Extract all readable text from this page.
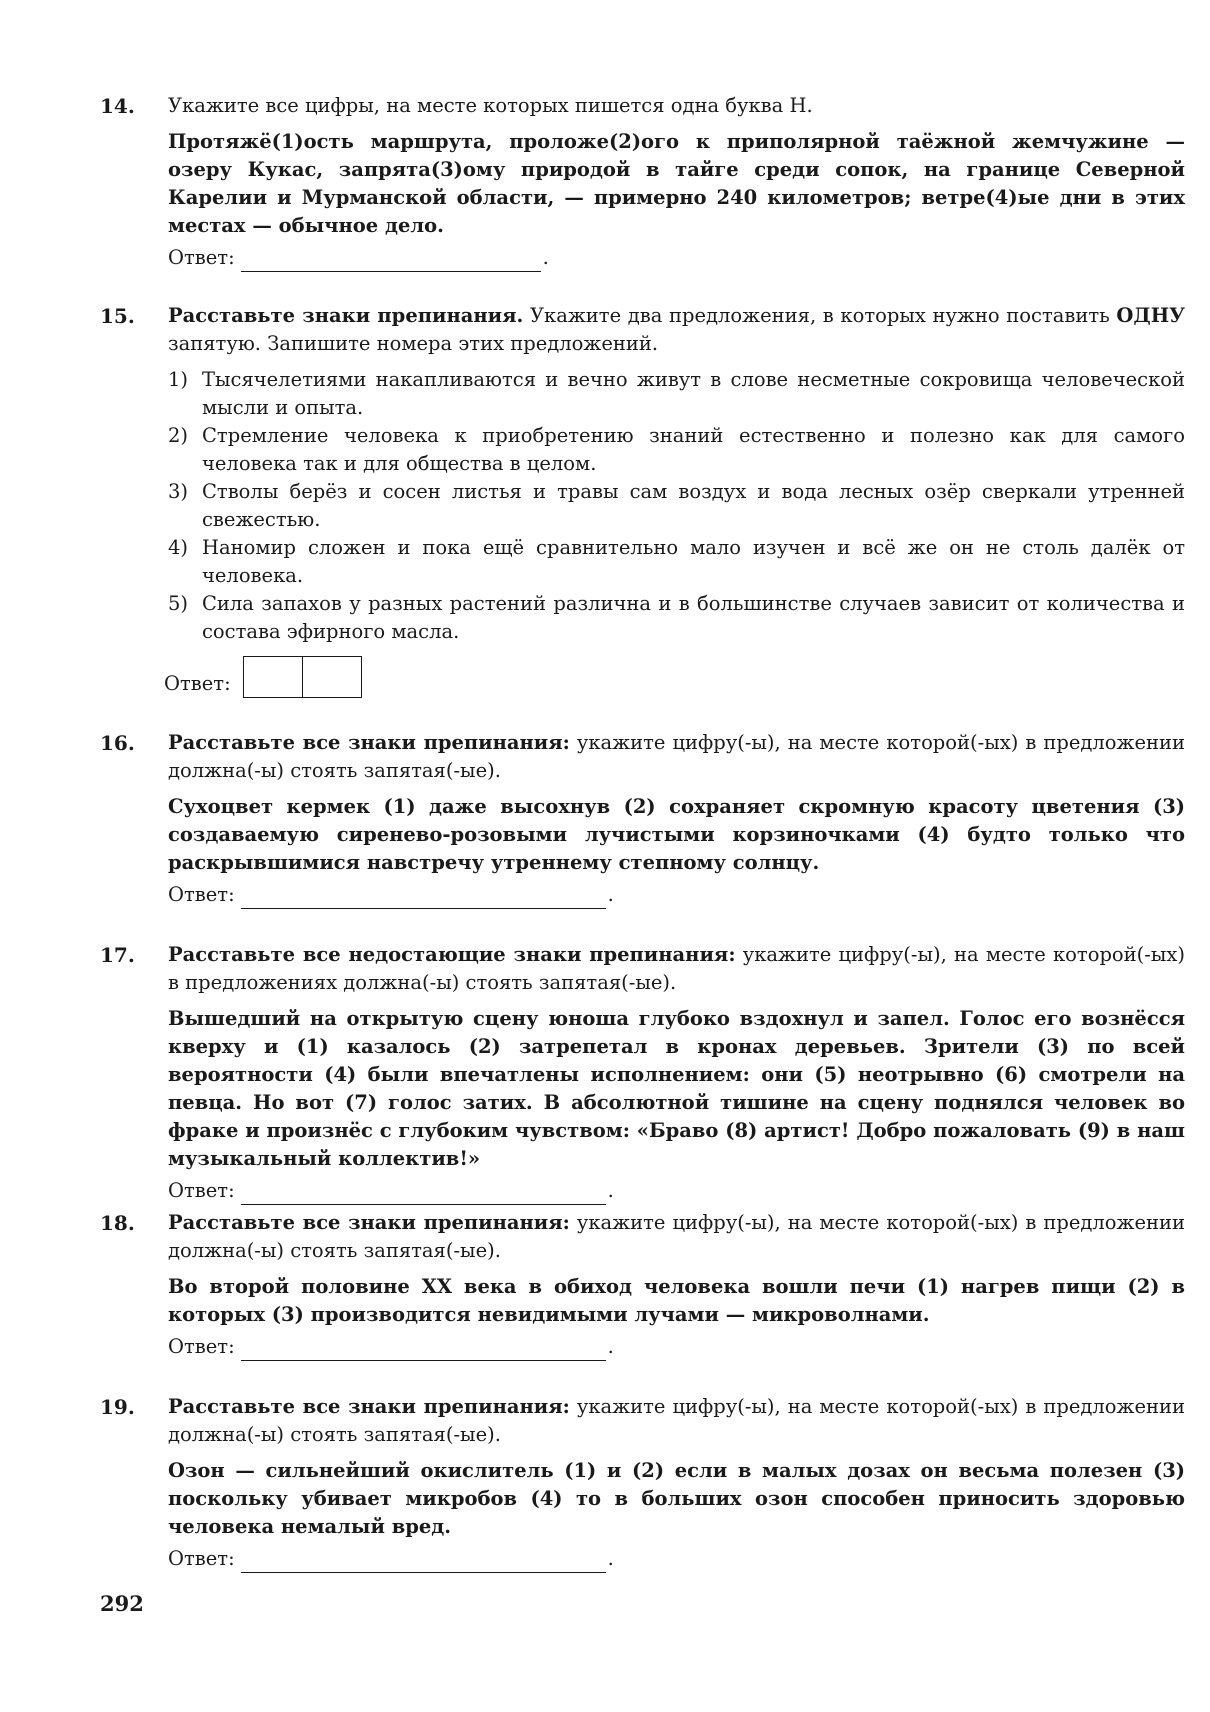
14. Укажите все цифры, на месте которых пишется одна буква Н.

Протяжё(1)ость маршрута, проложе(2)ого к приполярной таёжной жемчужине — озеру Кукас, запрята(3)ому природой в тайге среди сопок, на границе Северной Карелии и Мурманской области, — примерно 240 километров; ветре(4)ые дни в этих местах — обычное дело.

Ответ:	.
15. Расставьте знаки препинания. Укажите два предложения, в которых нужно поставить ОДНУ запятую. Запишите номера этих предложений.

1) Тысячелетиями накапливаются и вечно живут в слове несметные сокровища человеческой мысли и опыта.
2) Стремление человека к приобретению знаний естественно и полезно как для самого человека так и для общества в целом.
3) Стволы берёз и сосен листья и травы сам воздух и вода лесных озёр сверкали утренней свежестью.
4) Наномир сложен и пока ещё сравнительно мало изучен и всё же он не столь далёк от человека.
5) Сила запахов у разных растений различна и в большинстве случаев зависит от количества и состава эфирного масла.
Ответ:
16. Расставьте все знаки препинания: укажите цифру(-ы), на месте которой(-ых) в предложении должна(-ы) стоять запятая(-ые).

Сухоцвет кермек (1) даже высохнув (2) сохраняет скромную красоту цветения (3) создаваемую сиренево-розовыми лучистыми корзиночками (4) будто только что раскрывшимися навстречу утреннему степному солнцу.

Ответ:	.
17. Расставьте все недостающие знаки препинания: укажите цифру(-ы), на месте которой(-ых) в предложениях должна(-ы) стоять запятая(-ые).

Вышедший на открытую сцену юноша глубоко вздохнул и запел. Голос его вознёсся кверху и (1) казалось (2) затрепетал в кронах деревьев. Зрители (3) по всей вероятности (4) были впечатлены исполнением: они (5) неотрывно (6) смотрели на певца. Но вот (7) голос затих. В абсолютной тишине на сцену поднялся человек во фраке и произнёс с глубоким чувством: «Браво (8) артист! Добро пожаловать (9) в наш музыкальный коллектив!»

Ответ:	.
18. Расставьте все знаки препинания: укажите цифру(-ы), на месте которой(-ых) в предложении должна(-ы) стоять запятая(-ые).

Во второй половине XX века в обиход человека вошли печи (1) нагрев пищи (2) в которых (3) производится невидимыми лучами — микроволнами.

Ответ:	.
19. Расставьте все знаки препинания: укажите цифру(-ы), на месте которой(-ых) в предложении должна(-ы) стоять запятая(-ые).

Озон — сильнейший окислитель (1) и (2) если в малых дозах он весьма полезен (3) поскольку убивает микробов (4) то в больших озон способен приносить здоровью человека немалый вред.

Ответ:	.
292
